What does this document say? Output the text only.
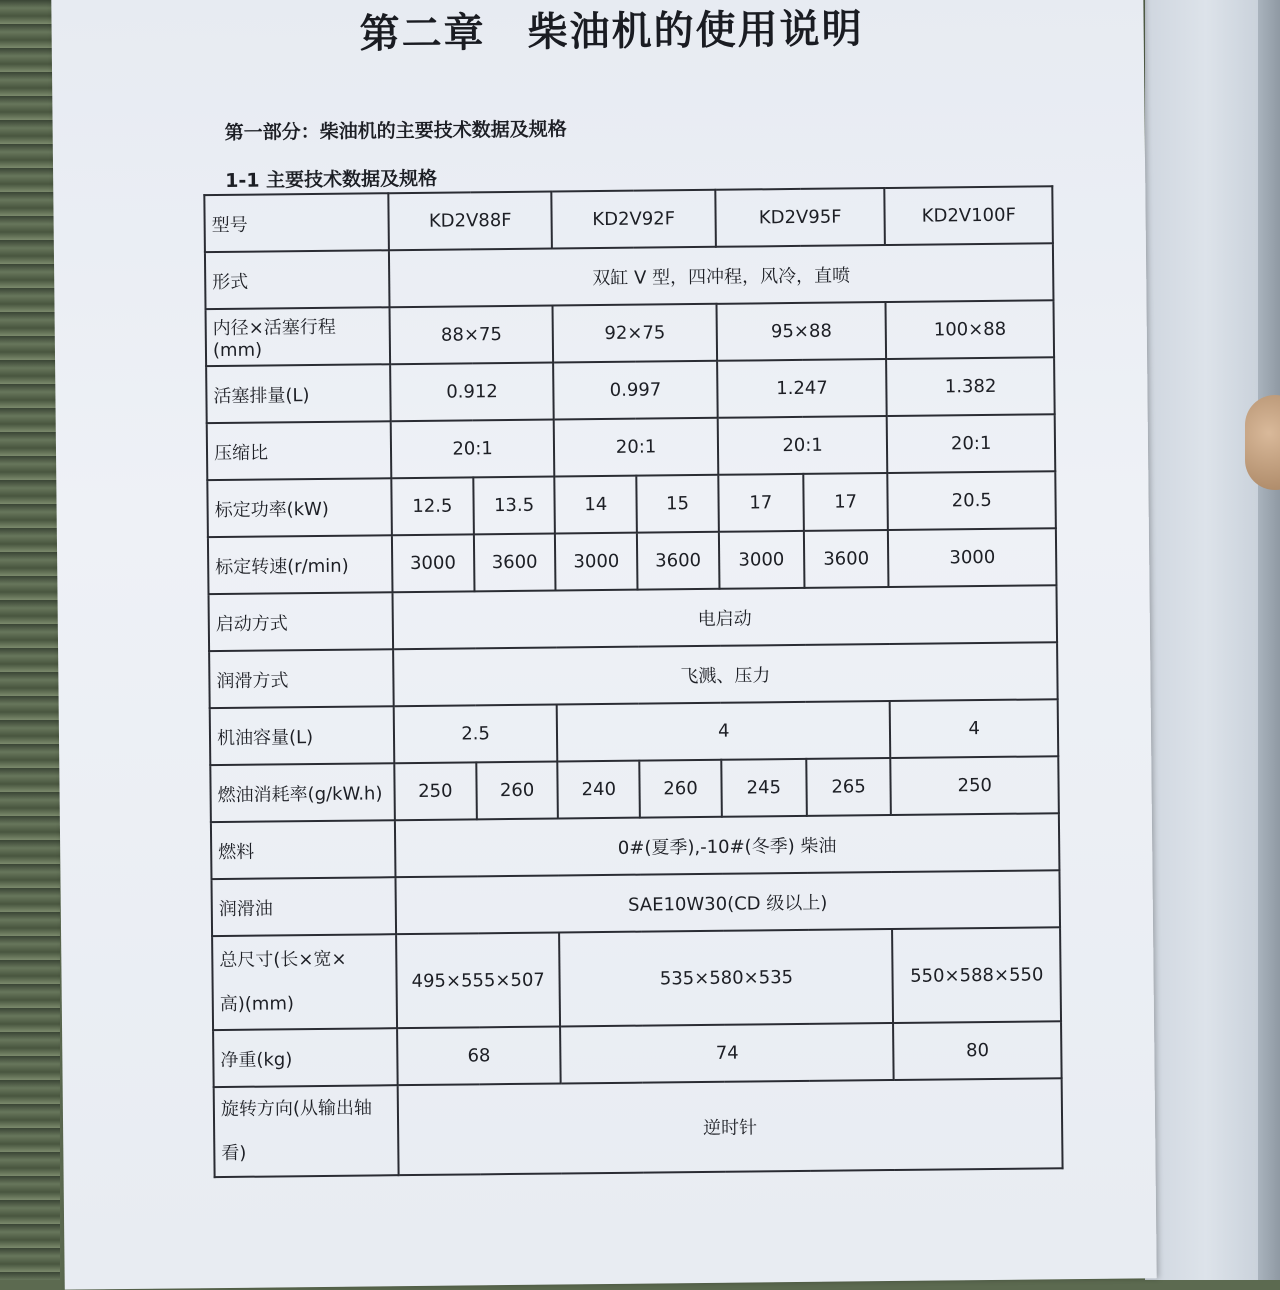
第二章　柴油机的使用说明
第一部分：柴油机的主要技术数据及规格
1-1 主要技术数据及规格
型号	KD2V88F		KD2V92F		KD2V95F		KD2V100F
形式	双缸 V 型，四冲程，风冷，直喷						
内径×活塞行程(mm)	88×75		92×75		95×88		100×88
活塞排量(L)	0.912		0.997		1.247		1.382
压缩比	20:1		20:1		20:1		20:1
标定功率(kW)	12.5	13.5	14	15	17	17	20.5
标定转速(r/min)	3000	3600	3000	3600	3000	3600	3000
启动方式	电启动						
润滑方式	飞溅、压力						
机油容量(L)	2.5		4				4
燃油消耗率(g/kW.h)	250	260	240	260	245	265	250
燃料	0#(夏季),-10#(冬季) 柴油						
润滑油	SAE10W30(CD 级以上)						

总尺寸(长×宽×
高)(mm)	495×555×507		535×580×535				550×588×550
净重(kg)	68		74				80

旋转方向(从输出轴
看)	逆时针						
